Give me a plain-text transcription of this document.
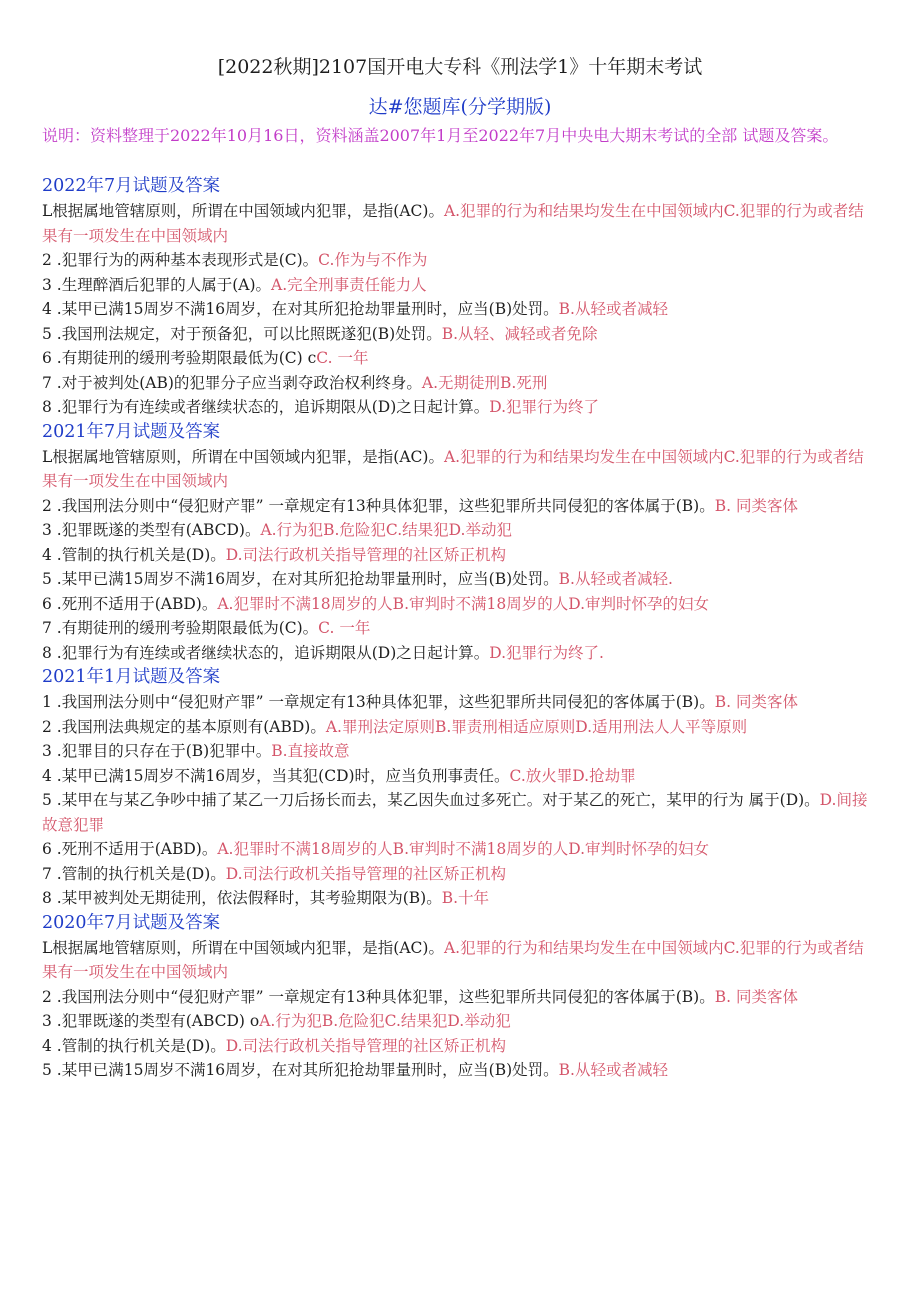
[2022秋期]2107国开电大专科《刑法学1》十年期末考试
达#您题库(分学期版)
说明：资料整理于2022年10月16日，资料涵盖2007年1月至2022年7月中央电大期末考试的全部 试题及答案。
2022年7月试题及答案
L根据属地管辖原则，所谓在中国领域内犯罪，是指(AC)。A.犯罪的行为和结果均发生在中国领域内C.犯罪的行为或者结果有一项发生在中国领域内
2 .犯罪行为的两种基本表现形式是(C)。C.作为与不作为
3 .生理醉酒后犯罪的人属于(A)。A.完全刑事责任能力人
4 .某甲已满15周岁不满16周岁，在对其所犯抢劫罪量刑时，应当(B)处罚。B.从轻或者减轻
5 .我国刑法规定，对于预备犯，可以比照既遂犯(B)处罚。B.从轻、减轻或者免除
6 .有期徒刑的缓刑考验期限最低为(C) cC. 一年
7 .对于被判处(AB)的犯罪分子应当剥夺政治权利终身。A.无期徒刑B.死刑
8 .犯罪行为有连续或者继续状态的，追诉期限从(D)之日起计算。D.犯罪行为终了
2021年7月试题及答案
L根据属地管辖原则，所谓在中国领域内犯罪，是指(AC)。A.犯罪的行为和结果均发生在中国领域内C.犯罪的行为或者结果有一项发生在中国领域内
2 .我国刑法分则中“侵犯财产罪” 一章规定有13种具体犯罪，这些犯罪所共同侵犯的客体属于(B)。B. 同类客体
3 .犯罪既遂的类型有(ABCD)。A.行为犯B.危险犯C.结果犯D.举动犯
4 .管制的执行机关是(D)。D.司法行政机关指导管理的社区矫正机构
5 .某甲已满15周岁不满16周岁，在对其所犯抢劫罪量刑时，应当(B)处罚。B.从轻或者减轻.
6 .死刑不适用于(ABD)。A.犯罪时不满18周岁的人B.审判时不满18周岁的人D.审判时怀孕的妇女
7 .有期徒刑的缓刑考验期限最低为(C)。C. 一年
8 .犯罪行为有连续或者继续状态的，追诉期限从(D)之日起计算。D.犯罪行为终了.
2021年1月试题及答案
1 .我国刑法分则中“侵犯财产罪” 一章规定有13种具体犯罪，这些犯罪所共同侵犯的客体属于(B)。B. 同类客体
2 .我国刑法典规定的基本原则有(ABD)。A.罪刑法定原则B.罪责刑相适应原则D.适用刑法人人平等原则
3 .犯罪目的只存在于(B)犯罪中。B.直接故意
4 .某甲已满15周岁不满16周岁，当其犯(CD)时，应当负刑事责任。C.放火罪D.抢劫罪
5 .某甲在与某乙争吵中捕了某乙一刀后扬长而去，某乙因失血过多死亡。对于某乙的死亡，某甲的行为 属于(D)。D.间接故意犯罪
6 .死刑不适用于(ABD)。A.犯罪时不满18周岁的人B.审判时不满18周岁的人D.审判时怀孕的妇女
7 .管制的执行机关是(D)。D.司法行政机关指导管理的社区矫正机构
8 .某甲被判处无期徒刑，依法假释时，其考验期限为(B)。B.十年
2020年7月试题及答案
L根据属地管辖原则，所谓在中国领域内犯罪，是指(AC)。A.犯罪的行为和结果均发生在中国领域内C.犯罪的行为或者结果有一项发生在中国领域内
2 .我国刑法分则中“侵犯财产罪” 一章规定有13种具体犯罪，这些犯罪所共同侵犯的客体属于(B)。B. 同类客体
3 .犯罪既遂的类型有(ABCD) oA.行为犯B.危险犯C.结果犯D.举动犯
4 .管制的执行机关是(D)。D.司法行政机关指导管理的社区矫正机构
5 .某甲已满15周岁不满16周岁，在对其所犯抢劫罪量刑时，应当(B)处罚。B.从轻或者减轻
